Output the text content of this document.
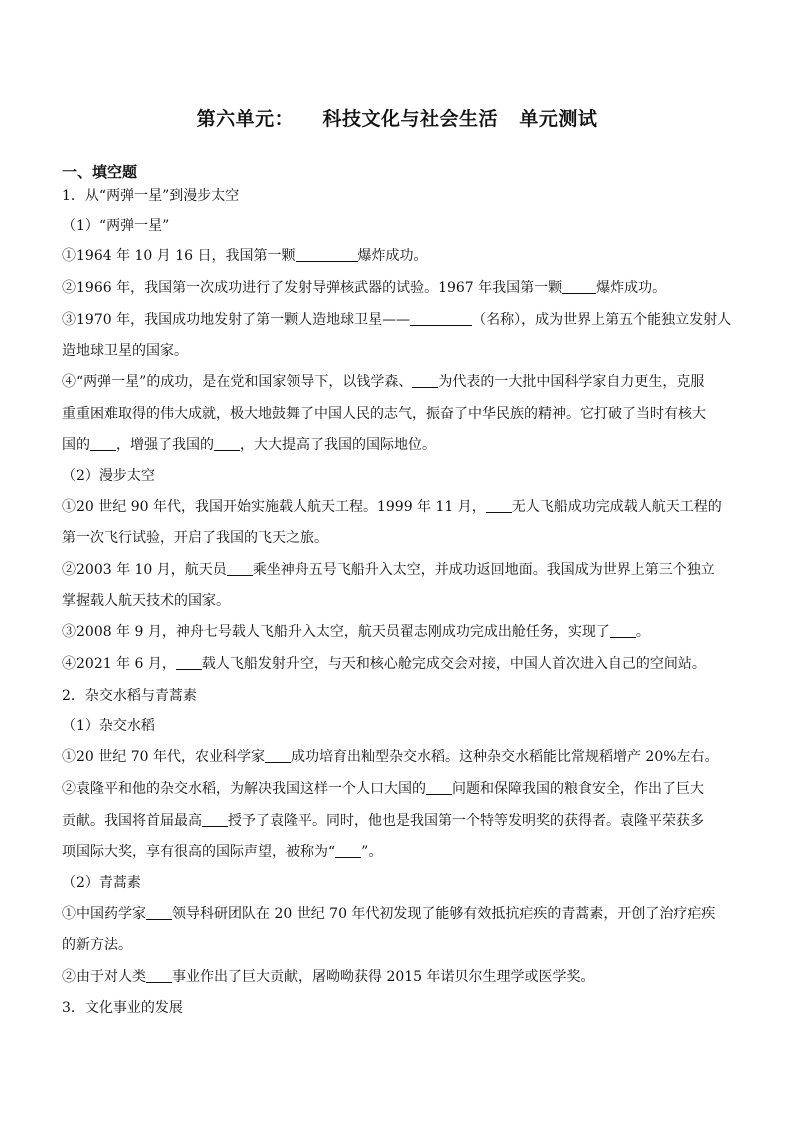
第六单元：    科技文化与社会生活   单元测试
一、填空题
1．从“两弹一星”到漫步太空
（1）“两弹一星”
①1964 年 10 月 16 日，我国第一颗	爆炸成功。
②1966 年，我国第一次成功进行了发射导弹核武器的试验。1967 年我国第一颗 爆炸成功。
③1970 年，我国成功地发射了第一颗人造地球卫星——	（名称），成为世界上第五个能独立发射人
造地球卫星的国家。
④“两弹一星”的成功，是在党和国家领导下，以钱学森、 为代表的一大批中国科学家自力更生，克服
重重困难取得的伟大成就，极大地鼓舞了中国人民的志气，振奋了中华民族的精神。它打破了当时有核大
国的 ，增强了我国的 ，大大提高了我国的国际地位。
（2）漫步太空
①20 世纪 90 年代，我国开始实施载人航天工程。1999 年 11 月， 无人飞船成功完成载人航天工程的
第一次飞行试验，开启了我国的飞天之旅。
②2003 年 10 月，航天员 乘坐神舟五号飞船升入太空，并成功返回地面。我国成为世界上第三个独立
掌握载人航天技术的国家。
③2008 年 9 月，神舟七号载人飞船升入太空，航天员翟志刚成功完成出舱任务，实现了 。
④2021 年 6 月， 载人飞船发射升空，与天和核心舱完成交会对接，中国人首次进入自己的空间站。
2．杂交水稻与青蒿素
（1）杂交水稻
①20 世纪 70 年代，农业科学家 成功培育出籼型杂交水稻。这种杂交水稻能比常规稻增产 20%左右。
②袁隆平和他的杂交水稻，为解决我国这样一个人口大国的 问题和保障我国的粮食安全，作出了巨大
贡献。我国将首届最高 授予了袁隆平。同时，他也是我国第一个特等发明奖的获得者。袁隆平荣获多
项国际大奖，享有很高的国际声望，被称为“ ”。
（2）青蒿素
①中国药学家 领导科研团队在 20 世纪 70 年代初发现了能够有效抵抗疟疾的青蒿素，开创了治疗疟疾
的新方法。
②由于对人类 事业作出了巨大贡献，屠呦呦获得 2015 年诺贝尔生理学或医学奖。
3．文化事业的发展
